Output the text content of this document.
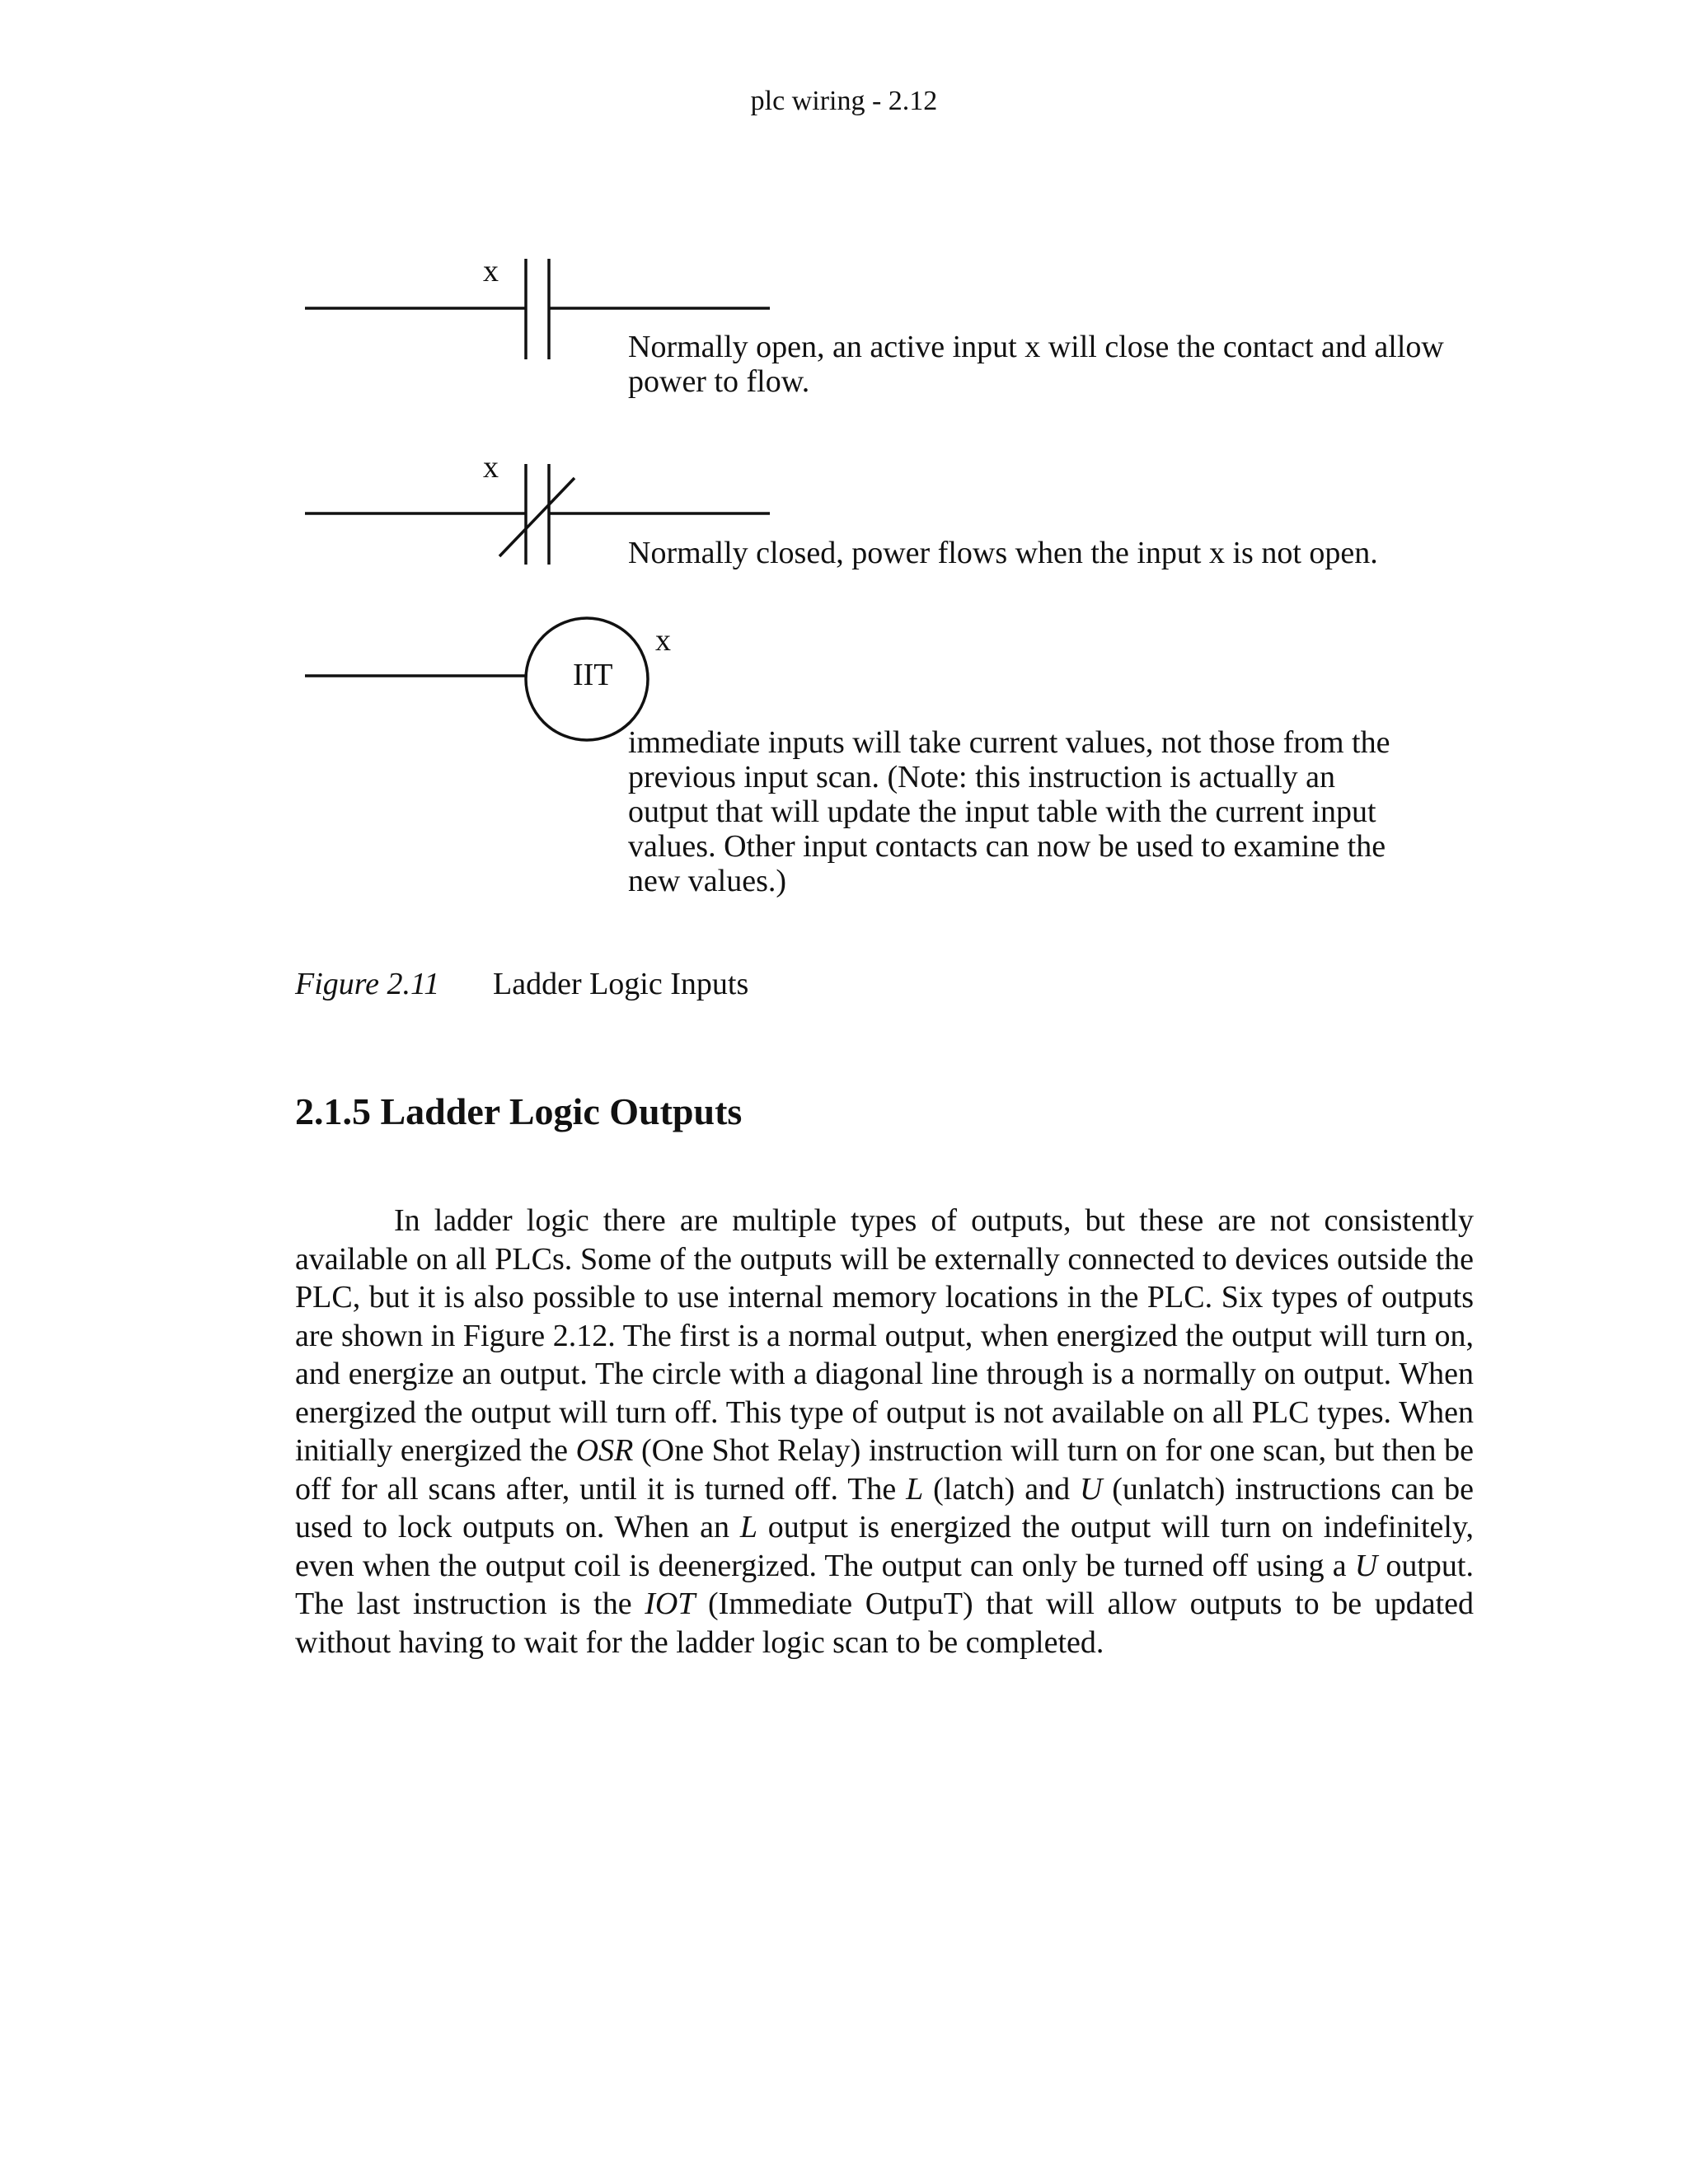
plc wiring - 2.12
x

Normally open, an active input x will close the contact and allow power to flow.

x

Normally closed, power flows when the input x is not open.

x
IIT

immediate inputs will take current values, not those from the previous input scan. (Note: this instruction is actually an output that will update the input table with the current input values. Other input contacts can now be used to examine the new values.)

Figure 2.11 Ladder Logic Inputs
2.1.5 Ladder Logic Outputs

In ladder logic there are multiple types of outputs, but these are not consistently available on all PLCs. Some of the outputs will be externally connected to devices outside the PLC, but it is also possible to use internal memory locations in the PLC. Six types of outputs are shown in Figure 2.12. The first is a normal output, when energized the output will turn on, and energize an output. The circle with a diagonal line through is a normally on output. When energized the output will turn off. This type of output is not available on all PLC types. When initially energized the OSR (One Shot Relay) instruction will turn on for one scan, but then be off for all scans after, until it is turned off. The L (latch) and U (unlatch) instructions can be used to lock outputs on. When an L output is energized the output will turn on indefinitely, even when the output coil is deenergized. The output can only be turned off using a U output. The last instruction is the IOT (Immediate OutpuT) that will allow outputs to be updated without having to wait for the ladder logic scan to be completed.
